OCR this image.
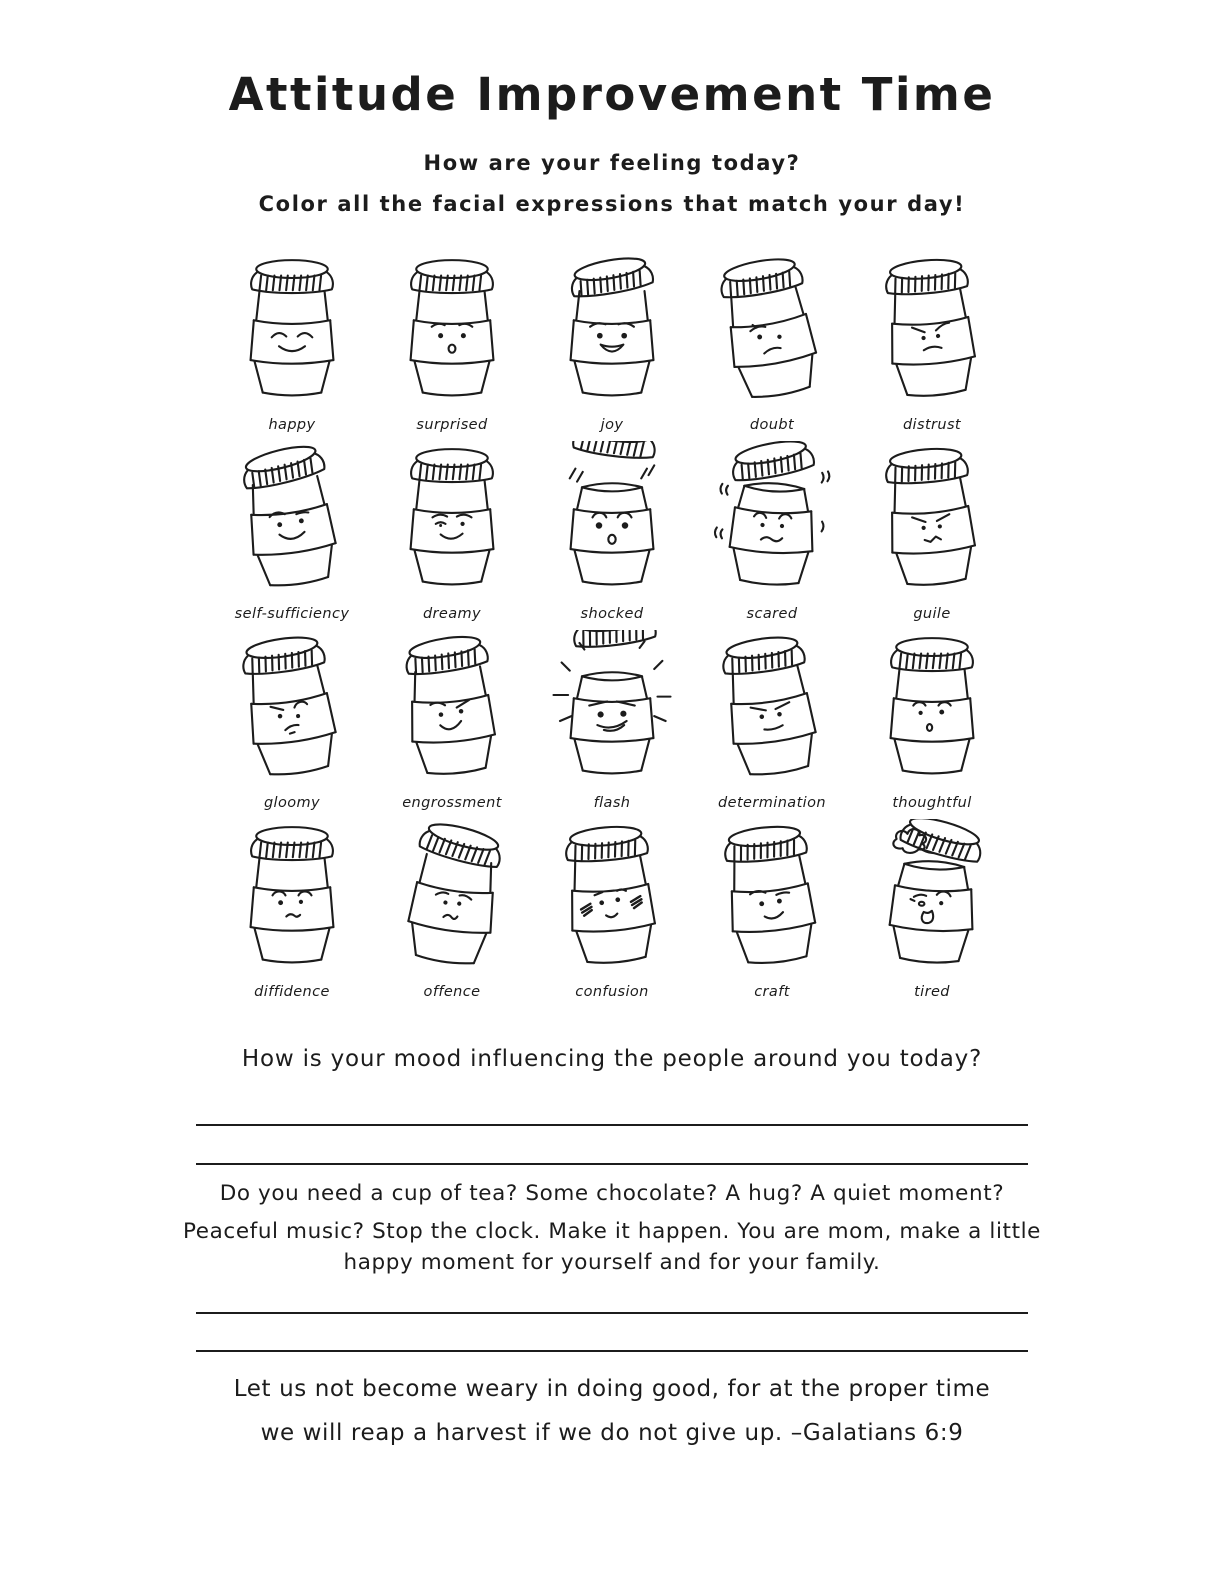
Attitude Improvement Time
How are your feeling today?
Color all the facial expressions that match your day!
happy	surprised	joy	doubt	distrust
self-sufficiency	dreamy	shocked	scared	guile
gloomy	engrossment	flash	determination	thoughtful
diffidence	offence	confusion	craft	tired
How is your mood influencing the people around you today?
Do you need a cup of tea? Some chocolate? A hug? A quiet moment?
Peaceful music? Stop the clock. Make it happen. You are mom, make a little happy moment for yourself and for your family.
Let us not become weary in doing good, for at the proper time
we will reap a harvest if we do not give up. –Galatians 6:9
